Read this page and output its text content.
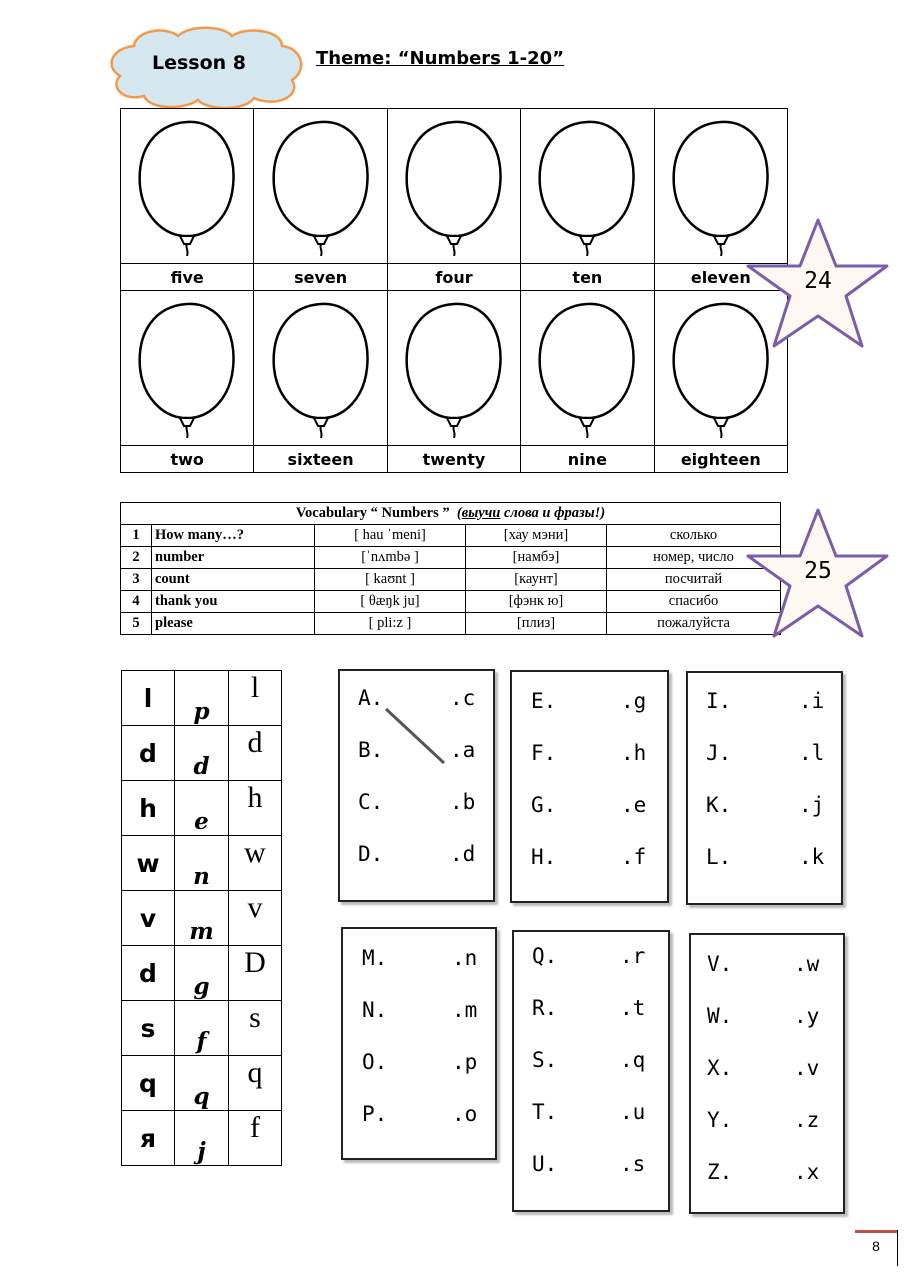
Lesson 8	Theme: “Numbers 1-20”

five	seven	four	ten	eleven

two	sixteen	twenty	nine	eighteen
Vocabulary “ Numbers ” (выучи слова и фразы!)				
1	How many…?	[ hau ˈmeni]	[хау мэни]	сколько
2	number	[ˈnʌmbə ]	[намбэ]	номер, число
3	count	[ kaʊnt ]	[каунт]	посчитай
4	thank you	[ θæŋk ju]	[фэнк ю]	спасибо
5	please	[ pli:z ]	[плиз]	пожалуйста
24
25
l	p	l
d	d	d
h	e	h
w	n	w
v	m	v
d	g	D
s	f	s
q	q	q
я	j	f
A.	.c
B.	.a
C.	.b
D.	.d
E.	.g
F.	.h
G.	.e
H.	.f
I.	.i
J.	.l
K.	.j
L.	.k
M.	.n
N.	.m
O.	.p
P.	.o
Q.	.r
R.	.t
S.	.q
T.	.u
U.	.s
V.	.w
W.	.y
X.	.v
Y.	.z
Z.	.x
8
